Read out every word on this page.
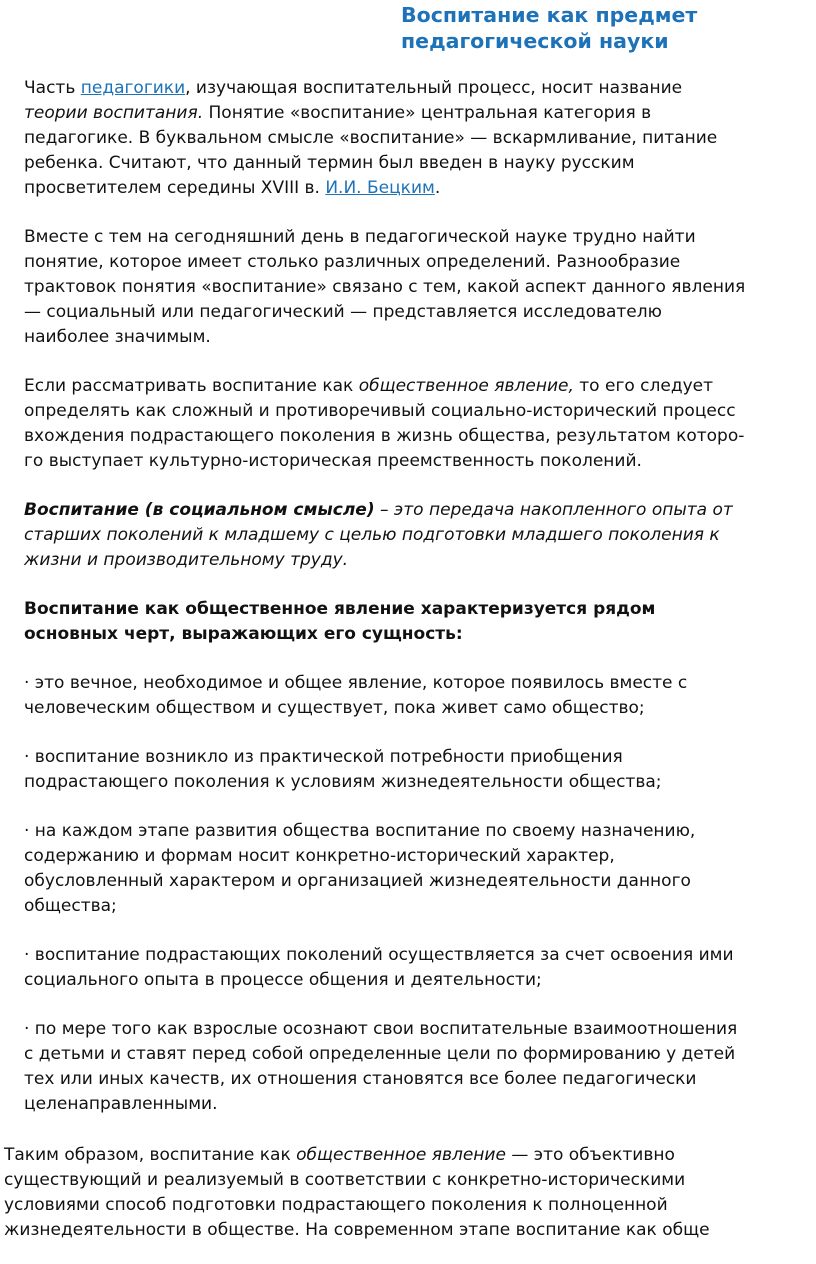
Воспитание как предмет
педагогической науки

Часть педагогики, изучающая воспитательный процесс, носит название
теории воспитания. Понятие «воспитание» центральная категория в
педагогике. В буквальном смысле «воспитание» — вскармливание, питание
ребенка. Считают, что данный термин был введен в науку русским
просветителем середины XVIII в. И.И. Бецким.

Вместе с тем на сегодняшний день в педагогической науке трудно найти
понятие, которое имеет столько различных определений. Разнообразие
трактовок понятия «воспитание» связано с тем, какой аспект данного явления
— социальный или педагогический — представляется исследователю
наиболее значимым.

Если рассматривать воспитание как общественное явление, то его следует
определять как сложный и противоречивый социально-исторический процесс
вхождения подрастающего поколения в жизнь общества, результатом которо-
го выступает культурно-историческая преемственность поколений.

Воспитание (в социальном смысле) – это передача накопленного опыта от
старших поколений к младшему с целью подготовки младшего поколения к
жизни и производительному труду.

Воспитание как общественное явление характеризуется рядом
основных черт, выражающих его сущность:

· это вечное, необходимое и общее явление, которое появилось вместе с
человеческим обществом и существует, пока живет само общество;

· воспитание возникло из практической потребности приобщения
подрастающего поколения к условиям жизнедеятельности общества;

· на каждом этапе развития общества воспитание по своему назначению,
содержанию и формам носит конкретно-исторический характер,
обусловленный характером и организацией жизнедеятельности данного
общества;

· воспитание подрастающих поколений осуществляется за счет освоения ими
социального опыта в процессе общения и деятельности;

· по мере того как взрослые осознают свои воспитательные взаимоотношения
с детьми и ставят перед собой определенные цели по формированию у детей
тех или иных качеств, их отношения становятся все более педагогически
целенаправленными.

Таким образом, воспитание как общественное явление — это объективно
существующий и реализуемый в соответствии с конкретно-историческими
условиями способ подготовки подрастающего поколения к полноценной
жизнедеятельности в обществе. На современном этапе воспитание как обще
